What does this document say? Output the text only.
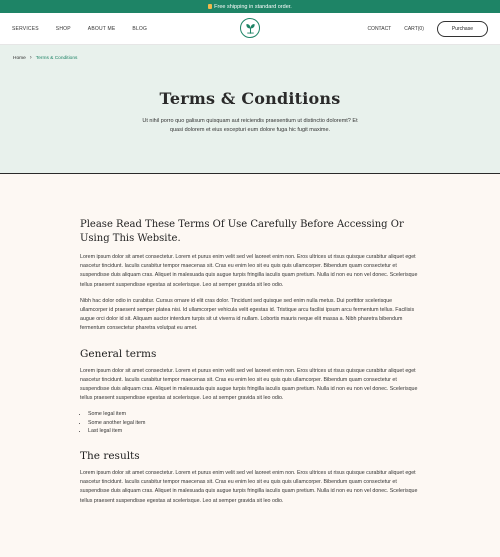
Free shipping in standard order.
SERVICES	SHOP	ABOUT ME	BLOG	CONTACT	CART(0)	Purchase
Home › Terms & Conditions
Terms & Conditions

Ut nihil porro quo galisum quisquam aut reiciendis praesentium ut distinctio doloremt? Et quasi dolorem et eius excepturi eum dolore fuga hic fugit maxime.

Please Read These Terms Of Use Carefully Before Accessing Or Using This Website.

Lorem ipsum dolor sit amet consectetur. Lorem et purus enim velit sed vel laoreet enim non. Eros ultrices ut risus quisque curabitur aliquet eget nascetur tincidunt. Iaculis curabitur tempor maecenas sit. Cras eu enim leo sit eu quis quis ullamcorper. Bibendum quam consectetur et suspendisse duis aliquam cras. Aliquet in malesuada quis augue turpis fringilla iaculis quam pretium. Nulla id non eu non vel donec. Scelerisque tellus praesent suspendisse egestas at scelerisque. Leo at semper gravida sit leo odio.

Nibh hac dolor odio in curabitur. Cursus ornare id elit cras dolor. Tincidunt sed quisque sed enim nulla metus. Dui porttitor scelerisque ullamcorper id praesent semper platea nisi. Id ullamcorper vehicula velit egestas id. Tristique arcu facilisi ipsum arcu fermentum tellus. Facilisis augue orci dolor id sit. Aliquam auctor interdum turpis sit ut viverra id nullam. Lobortis mauris neque elit massa a. Nibh pharetra bibendum fermentum consectetur pharetra volutpat eu amet.

General terms

Lorem ipsum dolor sit amet consectetur. Lorem et purus enim velit sed vel laoreet enim non. Eros ultrices ut risus quisque curabitur aliquet eget nascetur tincidunt. Iaculis curabitur tempor maecenas sit. Cras eu enim leo sit eu quis quis ullamcorper. Bibendum quam consectetur et suspendisse duis aliquam cras. Aliquet in malesuada quis augue turpis fringilla iaculis quam pretium. Nulla id non eu non vel donec. Scelerisque tellus praesent suspendisse egestas at scelerisque. Leo at semper gravida sit leo odio.

• Some legal item
• Some another legal item
• Last legal item
The results

Lorem ipsum dolor sit amet consectetur. Lorem et purus enim velit sed vel laoreet enim non. Eros ultrices ut risus quisque curabitur aliquet eget nascetur tincidunt. Iaculis curabitur tempor maecenas sit. Cras eu enim leo sit eu quis quis ullamcorper. Bibendum quam consectetur et suspendisse duis aliquam cras. Aliquet in malesuada quis augue turpis fringilla iaculis quam pretium. Nulla id non eu non vel donec. Scelerisque tellus praesent suspendisse egestas at scelerisque. Leo at semper gravida sit leo odio.
